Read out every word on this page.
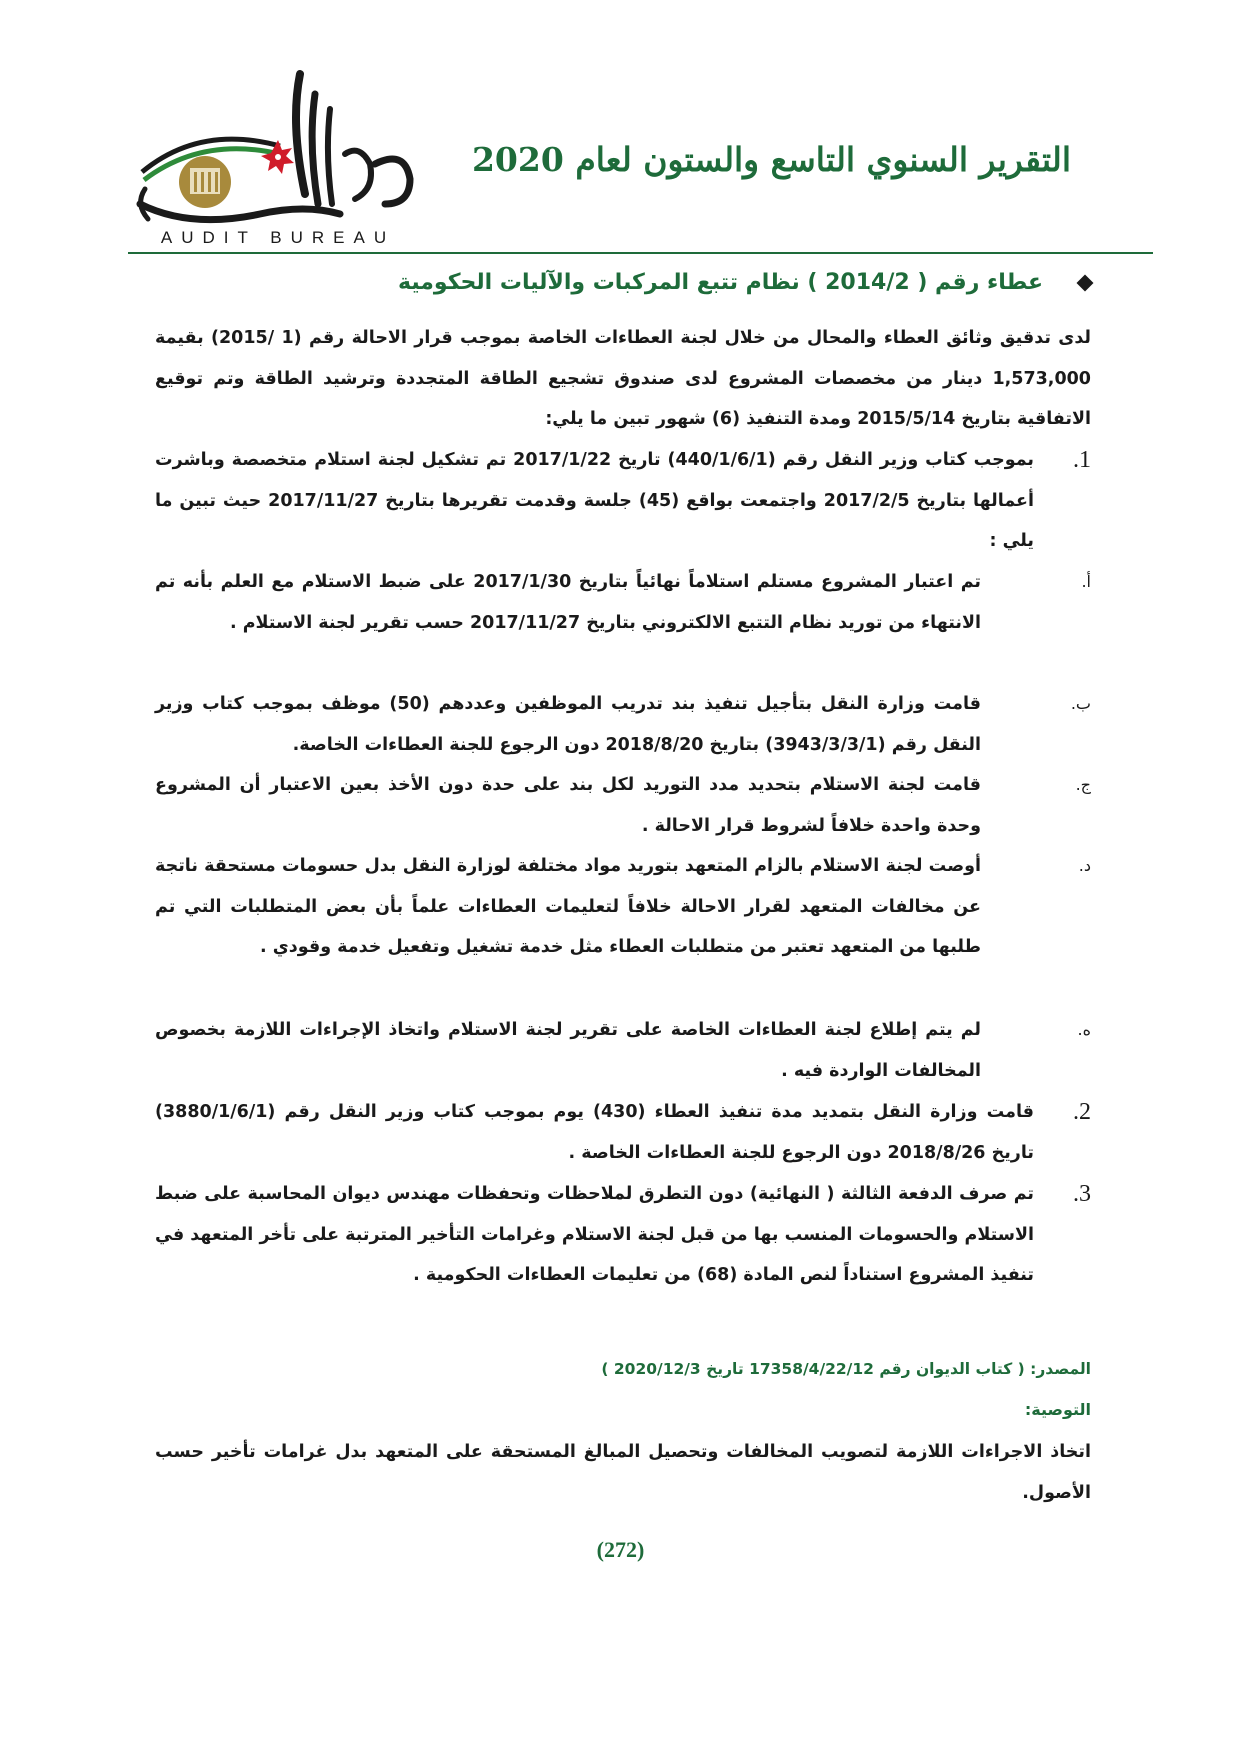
AUDIT BUREAU
التقرير السنوي التاسع والستون لعام 2020
عطاء رقم ( 2014/2 ) نظام تتبع المركبات والآليات الحكومية

لدى تدقيق وثائق العطاء والمحال من خلال لجنة العطاءات الخاصة بموجب قرار الاحالة رقم (1 /2015) بقيمة 1,573,000 دينار من مخصصات المشروع لدى صندوق تشجيع الطاقة المتجددة وترشيد الطاقة وتم توقيع الاتفاقية بتاريخ 2015/5/14 ومدة التنفيذ (6) شهور تبين ما يلي:

1.

بموجب كتاب وزير النقل رقم (440/1/6/1) تاريخ 2017/1/22 تم تشكيل لجنة استلام متخصصة وباشرت أعمالها بتاريخ 2017/2/5 واجتمعت بواقع (45) جلسة وقدمت تقريرها بتاريخ 2017/11/27 حيث تبين ما يلي :

أ.

تم اعتبار المشروع مستلم استلاماً نهائياً بتاريخ 2017/1/30 على ضبط الاستلام مع العلم بأنه تم الانتهاء من توريد نظام التتبع الالكتروني بتاريخ 2017/11/27 حسب تقرير لجنة الاستلام .

ب.

قامت وزارة النقل بتأجيل تنفيذ بند تدريب الموظفين وعددهم (50) موظف بموجب كتاب وزير النقل رقم (3943/3/3/1) بتاريخ 2018/8/20 دون الرجوع للجنة العطاءات الخاصة.

ج.

قامت لجنة الاستلام بتحديد مدد التوريد لكل بند على حدة دون الأخذ بعين الاعتبار أن المشروع وحدة واحدة خلافاً لشروط قرار الاحالة .

د.

أوصت لجنة الاستلام بالزام المتعهد بتوريد مواد مختلفة لوزارة النقل بدل حسومات مستحقة ناتجة عن مخالفات المتعهد لقرار الاحالة خلافاً لتعليمات العطاءات علماً بأن بعض المتطلبات التي تم طلبها من المتعهد تعتبر من متطلبات العطاء مثل خدمة تشغيل وتفعيل خدمة وقودي .

ه.

لم يتم إطلاع لجنة العطاءات الخاصة على تقرير لجنة الاستلام واتخاذ الإجراءات اللازمة بخصوص المخالفات الواردة فيه .

2.

قامت وزارة النقل بتمديد مدة تنفيذ العطاء (430) يوم بموجب كتاب وزير النقل رقم (3880/1/6/1) تاريخ 2018/8/26 دون الرجوع للجنة العطاءات الخاصة .

3.

تم صرف الدفعة الثالثة ( النهائية) دون التطرق لملاحظات وتحفظات مهندس ديوان المحاسبة على ضبط الاستلام والحسومات المنسب بها من قبل لجنة الاستلام وغرامات التأخير المترتبة على تأخر المتعهد في تنفيذ المشروع استناداً لنص المادة (68) من تعليمات العطاءات الحكومية .

المصدر: ( كتاب الديوان رقم 17358/4/22/12 تاريخ 2020/12/3 )
التوصية:

اتخاذ الاجراءات اللازمة لتصويب المخالفات وتحصيل المبالغ المستحقة على المتعهد بدل غرامات تأخير حسب الأصول.

(272)
